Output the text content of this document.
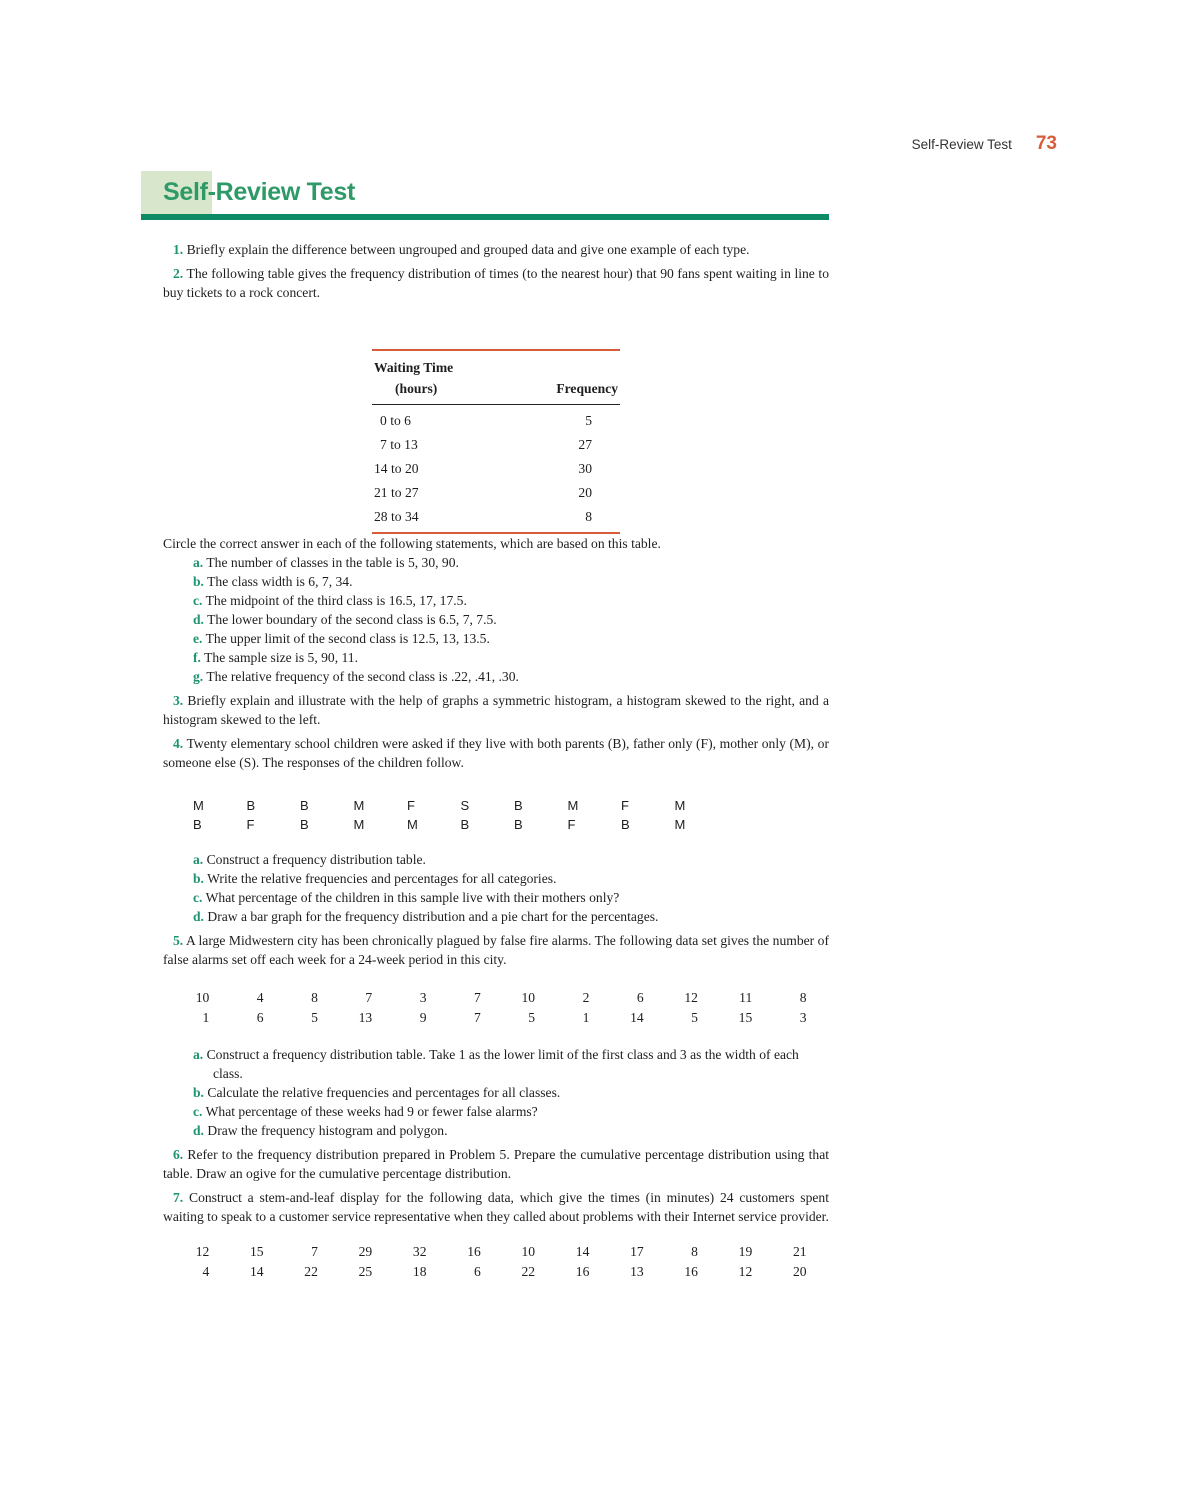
Self-Review Test 73
Self-Review Test

1. Briefly explain the difference between ungrouped and grouped data and give one example of each type.

2. The following table gives the frequency distribution of times (to the nearest hour) that 90 fans spent waiting in line to buy tickets to a rock concert.

Waiting Time
(hours)	Frequency
0 to 6	5
7 to 13	27
14 to 20	30
21 to 27	20
28 to 34	8

Circle the correct answer in each of the following statements, which are based on this table.

a. The number of classes in the table is 5, 30, 90.
b. The class width is 6, 7, 34.
c. The midpoint of the third class is 16.5, 17, 17.5.
d. The lower boundary of the second class is 6.5, 7, 7.5.
e. The upper limit of the second class is 12.5, 13, 13.5.
f. The sample size is 5, 90, 11.
g. The relative frequency of the second class is .22, .41, .30.

3. Briefly explain and illustrate with the help of graphs a symmetric histogram, a histogram skewed to the right, and a histogram skewed to the left.

4. Twenty elementary school children were asked if they live with both parents (B), father only (F), mother only (M), or someone else (S). The responses of the children follow.

M	B	B	M	F	S	B	M	F	M
B	F	B	M	M	B	B	F	B	M
a. Construct a frequency distribution table.
b. Write the relative frequencies and percentages for all categories.
c. What percentage of the children in this sample live with their mothers only?
d. Draw a bar graph for the frequency distribution and a pie chart for the percentages.

5. A large Midwestern city has been chronically plagued by false fire alarms. The following data set gives the number of false alarms set off each week for a 24-week period in this city.

10	4	8	7	3	7	10	2	6	12	11	8
1	6	5	13	9	7	5	1	14	5	15	3
a. Construct a frequency distribution table. Take 1 as the lower limit of the first class and 3 as the width of each class.
b. Calculate the relative frequencies and percentages for all classes.
c. What percentage of these weeks had 9 or fewer false alarms?
d. Draw the frequency histogram and polygon.

6. Refer to the frequency distribution prepared in Problem 5. Prepare the cumulative percentage distribution using that table. Draw an ogive for the cumulative percentage distribution.

7. Construct a stem-and-leaf display for the following data, which give the times (in minutes) 24 customers spent waiting to speak to a customer service representative when they called about problems with their Internet service provider.

12	15	7	29	32	16	10	14	17	8	19	21
4	14	22	25	18	6	22	16	13	16	12	20
